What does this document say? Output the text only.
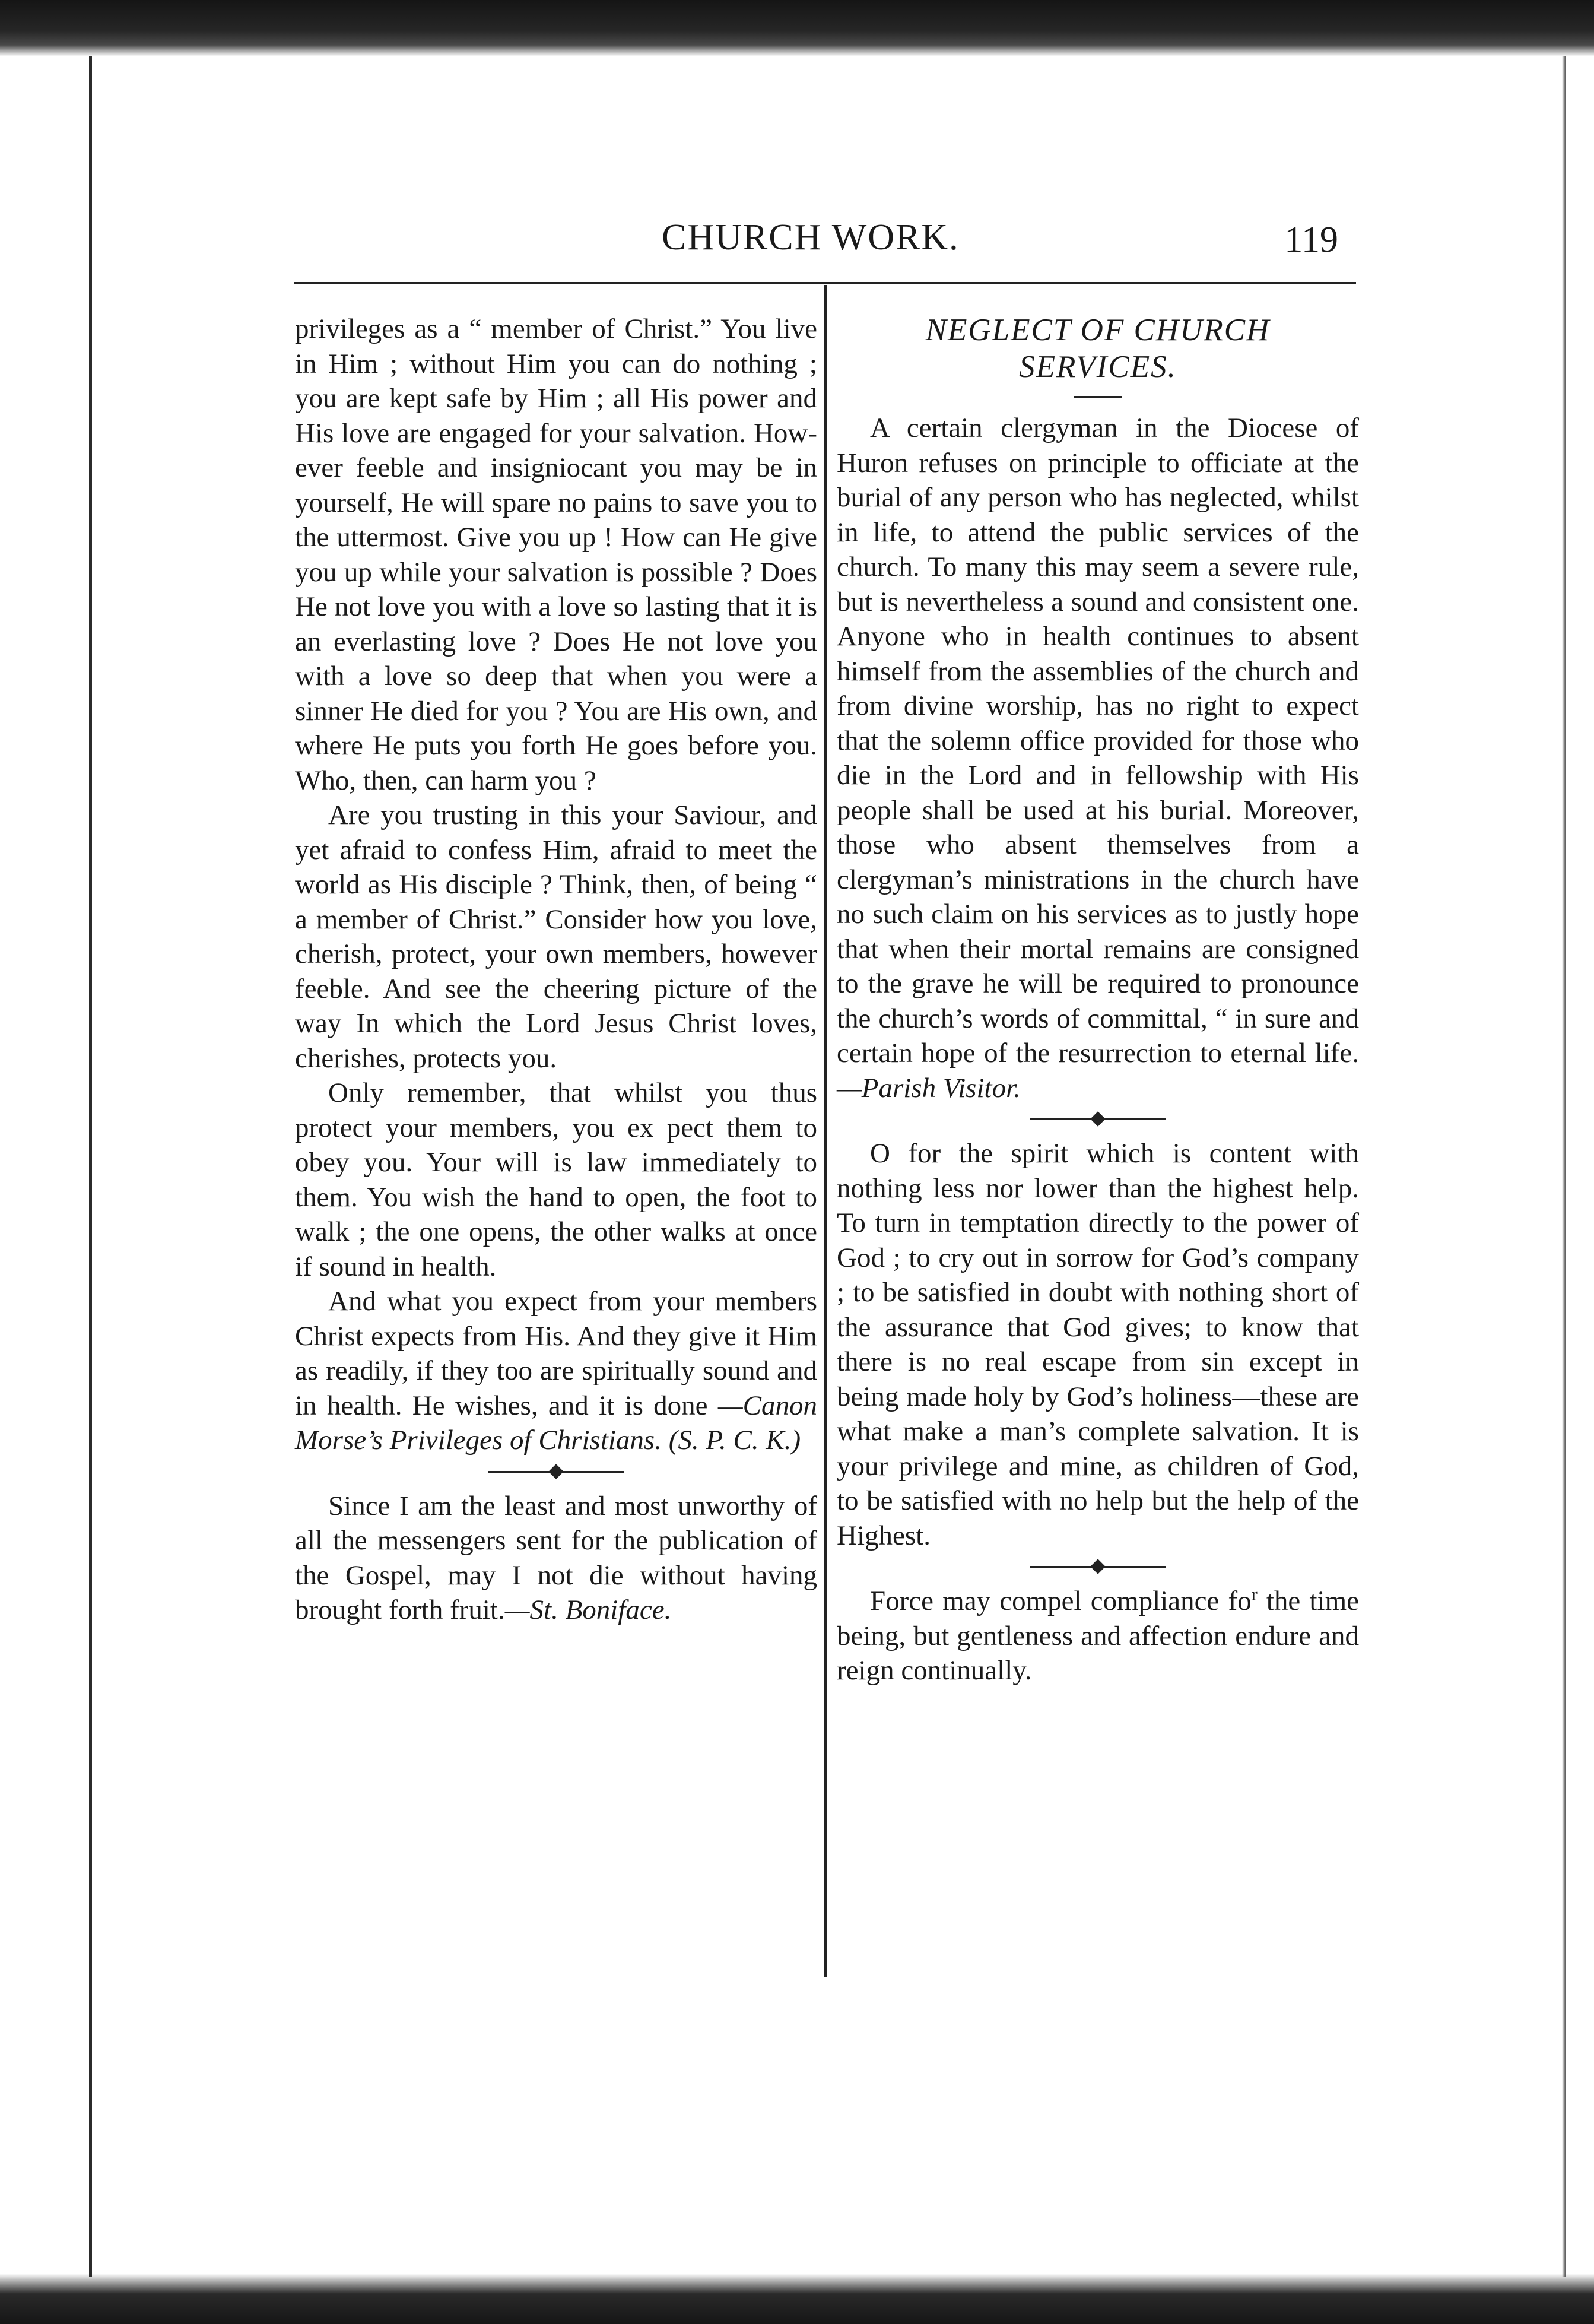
CHURCH WORK.	119

privileges as a “ member of Christ.” You live in Him ; without Him you can do nothing ; you are kept safe by Him ; all His power and His love are engaged for your salvation. However feeble and insigniocant you may be in yourself, He will spare no pains to save you to the uttermost. Give you up ! How can He give you up while your salvation is possible ? Does He not love you with a love so lasting that it is an everlasting love ? Does He not love you with a love so deep that when you were a sinner He died for you ? You are His own, and where He puts you forth He goes before you. Who, then, can harm you ?

Are you trusting in this your Saviour, and yet afraid to confess Him, afraid to meet the world as His disciple ? Think, then, of being “ a member of Christ.” Consider how you love, cherish, protect, your own members, however feeble. And see the cheering picture of the way In which the Lord Jesus Christ loves, cherishes, protects you.

Only remember, that whilst you thus protect your members, you ex pect them to obey you. Your will is law immediately to them. You wish the hand to open, the foot to walk ; the one opens, the other walks at once if sound in health.

And what you expect from your members Christ expects from His. And they give it Him as readily, if they too are spiritually sound and in health. He wishes, and it is done —Canon Morse’s Privileges of Christians. (S. P. C. K.)

Since I am the least and most unworthy of all the messengers sent for the publication of the Gospel, may I not die without having brought forth fruit.—St. Boniface.

NEGLECT OF CHURCH

SERVICES.

A certain clergyman in the Diocese of Huron refuses on principle to officiate at the burial of any person who has neglected, whilst in life, to attend the public services of the church. To many this may seem a severe rule, but is nevertheless a sound and consistent one. Anyone who in health continues to absent himself from the assemblies of the church and from divine worship, has no right to expect that the solemn office provided for those who die in the Lord and in fellowship with His people shall be used at his burial. Moreover, those who absent themselves from a clergyman’s ministrations in the church have no such claim on his services as to justly hope that when their mortal remains are consigned to the grave he will be required to pronounce the church’s words of committal, “ in sure and certain hope of the resurrection to eternal life.—Parish Visitor.

O for the spirit which is content with nothing less nor lower than the highest help. To turn in temptation directly to the power of God ; to cry out in sorrow for God’s company ; to be satisfied in doubt with nothing short of the assurance that God gives; to know that there is no real escape from sin except in being made holy by God’s holiness—these are what make a man’s complete salvation. It is your privilege and mine, as children of God, to be satisfied with no help but the help of the Highest.

Force may compel compliance $fo^r$ the time being, but gentleness and affection endure and reign continually.
